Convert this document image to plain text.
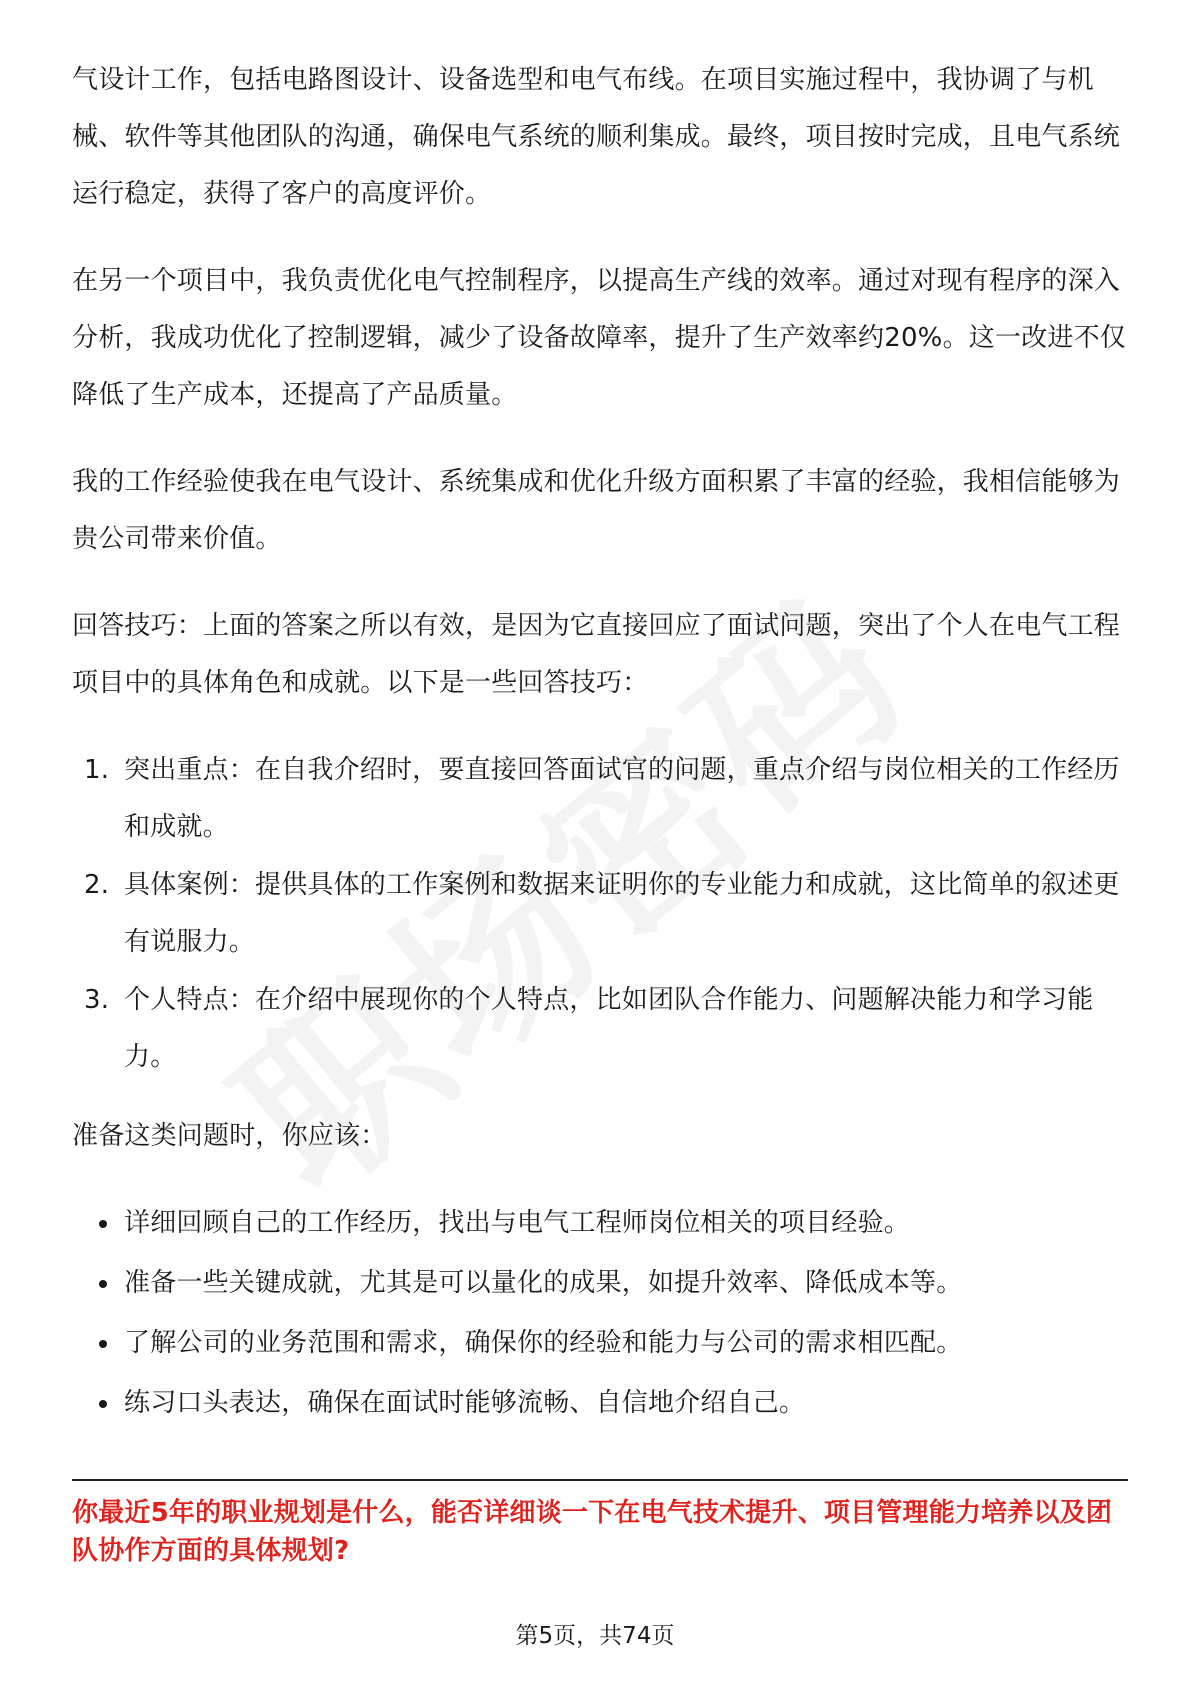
气设计工作，包括电路图设计、设备选型和电气布线。在项目实施过程中，我协调了与机械、软件等其他团队的沟通，确保电气系统的顺利集成。最终，项目按时完成，且电气系统运行稳定，获得了客户的高度评价。

在另一个项目中，我负责优化电气控制程序，以提高生产线的效率。通过对现有程序的深入分析，我成功优化了控制逻辑，减少了设备故障率，提升了生产效率约20%。这一改进不仅降低了生产成本，还提高了产品质量。

我的工作经验使我在电气设计、系统集成和优化升级方面积累了丰富的经验，我相信能够为贵公司带来价值。

回答技巧：上面的答案之所以有效，是因为它直接回应了面试问题，突出了个人在电气工程项目中的具体角色和成就。以下是一些回答技巧：

1. 突出重点：在自我介绍时，要直接回答面试官的问题，重点介绍与岗位相关的工作经历和成就。
2. 具体案例：提供具体的工作案例和数据来证明你的专业能力和成就，这比简单的叙述更有说服力。
3. 个人特点：在介绍中展现你的个人特点，比如团队合作能力、问题解决能力和学习能力。

准备这类问题时，你应该：

详细回顾自己的工作经历，找出与电气工程师岗位相关的项目经验。
准备一些关键成就，尤其是可以量化的成果，如提升效率、降低成本等。
了解公司的业务范围和需求，确保你的经验和能力与公司的需求相匹配。
练习口头表达，确保在面试时能够流畅、自信地介绍自己。
你最近5年的职业规划是什么，能否详细谈一下在电气技术提升、项目管理能力培养以及团队协作方面的具体规划?
第5页，共74页
